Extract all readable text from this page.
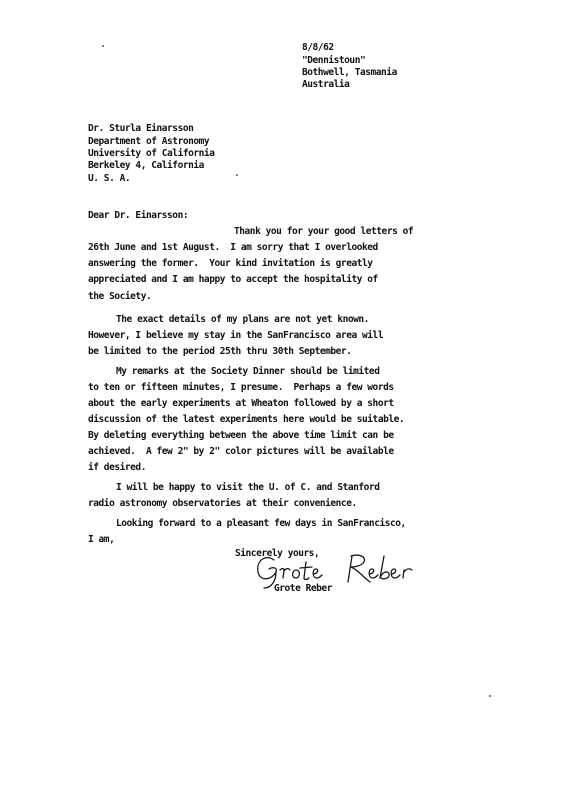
8/8/62
"Dennistoun"
Bothwell, Tasmania
Australia
Dr. Sturla Einarsson
Department of Astronomy
University of California
Berkeley 4, California
U. S. A.
Dear Dr. Einarsson:
Thank you for your good letters of
26th June and 1st August.  I am sorry that I overlooked
answering the former.  Your kind invitation is greatly
appreciated and I am happy to accept the hospitality of
the Society.
The exact details of my plans are not yet known.
However, I believe my stay in the SanFrancisco area will
be limited to the period 25th thru 30th September.
My remarks at the Society Dinner should be limited
to ten or fifteen minutes, I presume.  Perhaps a few words
about the early experiments at Wheaton followed by a short
discussion of the latest experiments here would be suitable.
By deleting everything between the above time limit can be
achieved.  A few 2" by 2" color pictures will be available
if desired.
I will be happy to visit the U. of C. and Stanford
radio astronomy observatories at their convenience.
Looking forward to a pleasant few days in SanFrancisco,
I am,
Sincerely yours,
Grote Reber
